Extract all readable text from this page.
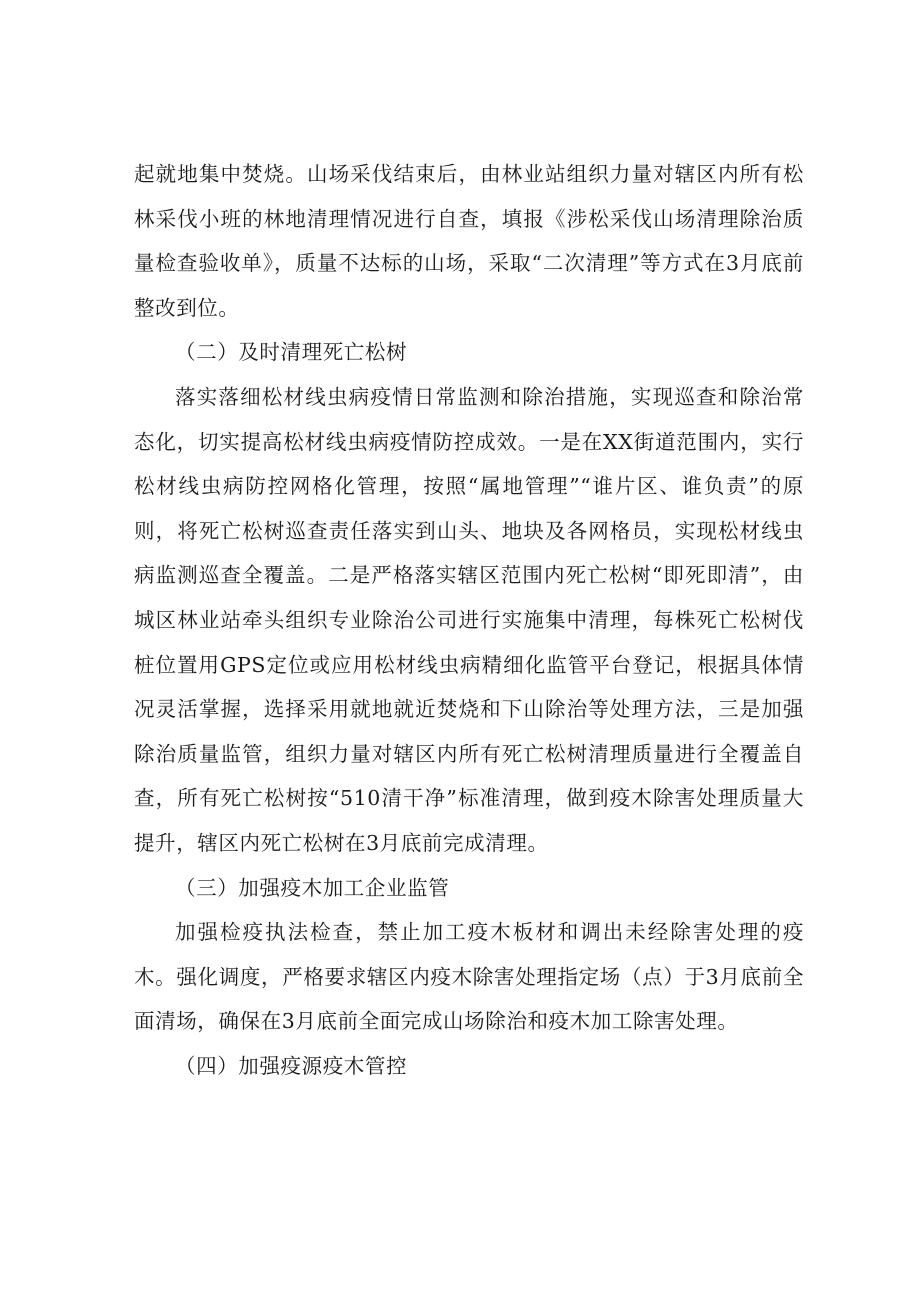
起就地集中焚烧。山场采伐结束后，由林业站组织力量对辖区内所有松林采伐小班的林地清理情况进行自查，填报《涉松采伐山场清理除治质量检查验收单》，质量不达标的山场，采取“二次清理”等方式在3月底前整改到位。

（二）及时清理死亡松树

落实落细松材线虫病疫情日常监测和除治措施，实现巡查和除治常态化，切实提高松材线虫病疫情防控成效。一是在XX街道范围内，实行松材线虫病防控网格化管理，按照“属地管理”“谁片区、谁负责”的原则，将死亡松树巡查责任落实到山头、地块及各网格员，实现松材线虫病监测巡查全覆盖。二是严格落实辖区范围内死亡松树“即死即清”，由城区林业站牵头组织专业除治公司进行实施集中清理，每株死亡松树伐桩位置用GPS定位或应用松材线虫病精细化监管平台登记，根据具体情况灵活掌握，选择采用就地就近焚烧和下山除治等处理方法，三是加强除治质量监管，组织力量对辖区内所有死亡松树清理质量进行全覆盖自查，所有死亡松树按“510清干净”标准清理，做到疫木除害处理质量大提升，辖区内死亡松树在3月底前完成清理。

（三）加强疫木加工企业监管

加强检疫执法检查，禁止加工疫木板材和调出未经除害处理的疫木。强化调度，严格要求辖区内疫木除害处理指定场（点）于3月底前全面清场，确保在3月底前全面完成山场除治和疫木加工除害处理。

（四）加强疫源疫木管控
